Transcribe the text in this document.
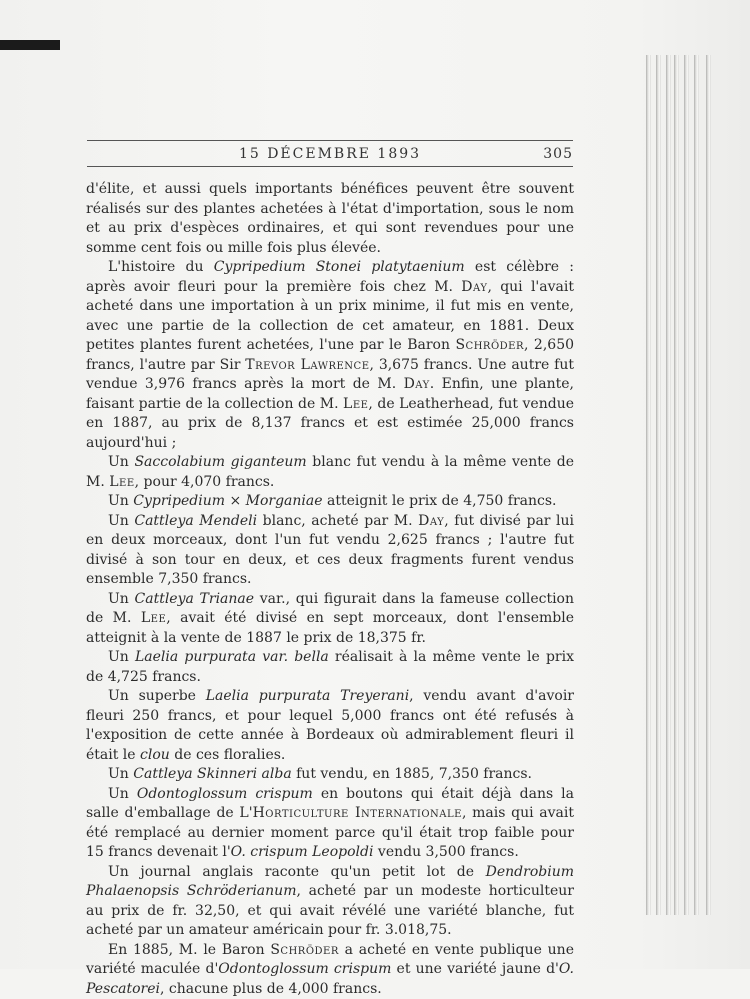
15 DÉCEMBRE 1893	305

d'élite, et aussi quels importants bénéfices peuvent être souvent réalisés sur des plantes achetées à l'état d'importation, sous le nom et au prix d'espèces ordinaires, et qui sont revendues pour une somme cent fois ou mille fois plus élevée.

L'histoire du Cypripedium Stonei platytaenium est célèbre : après avoir fleuri pour la première fois chez M. Day, qui l'avait acheté dans une importation à un prix minime, il fut mis en vente, avec une partie de la collection de cet amateur, en 1881. Deux petites plantes furent achetées, l'une par le Baron Schröder, 2,650 francs, l'autre par Sir Trevor Lawrence, 3,675 francs. Une autre fut vendue 3,976 francs après la mort de M. Day. Enfin, une plante, faisant partie de la collection de M. Lee, de Leatherhead, fut vendue en 1887, au prix de 8,137 francs et est estimée 25,000 francs aujourd'hui ;

Un Saccolabium giganteum blanc fut vendu à la même vente de M. Lee, pour 4,070 francs.

Un Cypripedium × Morganiae atteignit le prix de 4,750 francs.

Un Cattleya Mendeli blanc, acheté par M. Day, fut divisé par lui en deux morceaux, dont l'un fut vendu 2,625 francs ; l'autre fut divisé à son tour en deux, et ces deux fragments furent vendus ensemble 7,350 francs.

Un Cattleya Trianae var., qui figurait dans la fameuse collection de M. Lee, avait été divisé en sept morceaux, dont l'ensemble atteignit à la vente de 1887 le prix de 18,375 fr.

Un Laelia purpurata var. bella réalisait à la même vente le prix de 4,725 francs.

Un superbe Laelia purpurata Treyerani, vendu avant d'avoir fleuri 250 francs, et pour lequel 5,000 francs ont été refusés à l'exposition de cette année à Bordeaux où admirablement fleuri il était le clou de ces floralies.

Un Cattleya Skinneri alba fut vendu, en 1885, 7,350 francs.

Un Odontoglossum crispum en boutons qui était déjà dans la salle d'emballage de L'Horticulture Internationale, mais qui avait été remplacé au dernier moment parce qu'il était trop faible pour 15 francs devenait l'O. crispum Leopoldi vendu 3,500 francs.

Un journal anglais raconte qu'un petit lot de Dendrobium Phalaenopsis Schröderianum, acheté par un modeste horticulteur au prix de fr. 32,50, et qui avait révélé une variété blanche, fut acheté par un amateur américain pour fr. 3.018,75.

En 1885, M. le Baron Schröder a acheté en vente publique une variété maculée d'Odontoglossum crispum et une variété jaune d'O. Pescatorei, chacune plus de 4,000 francs.
